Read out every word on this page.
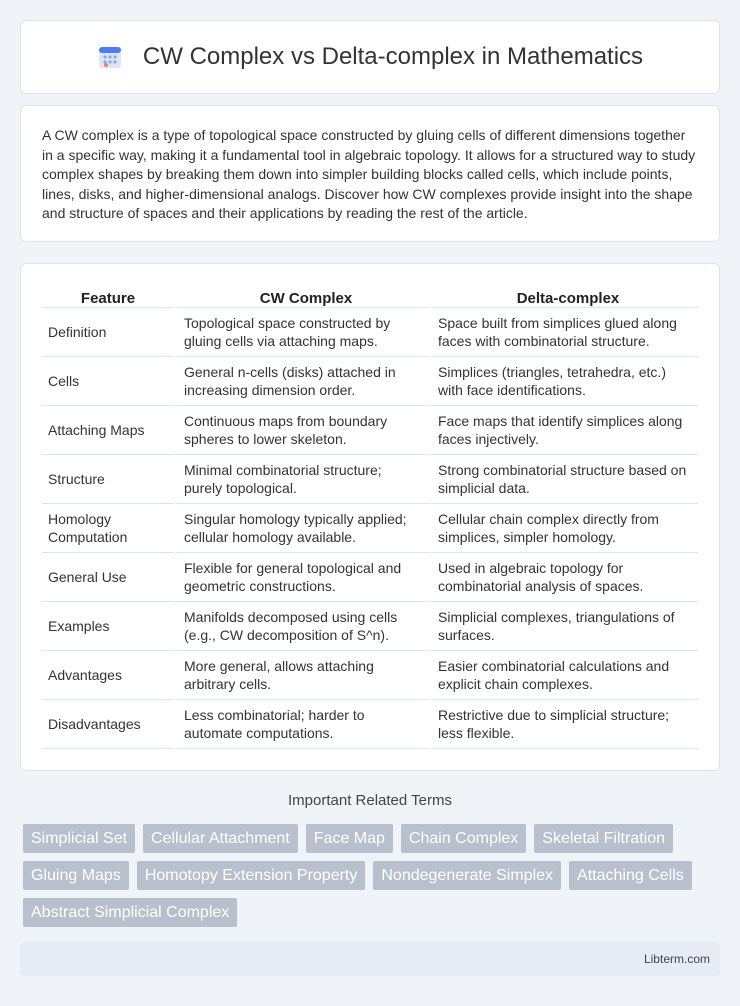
CW Complex vs Delta-complex in Mathematics

A CW complex is a type of topological space constructed by gluing cells of different dimensions together in a specific way, making it a fundamental tool in algebraic topology. It allows for a structured way to study complex shapes by breaking them down into simpler building blocks called cells, which include points, lines, disks, and higher-dimensional analogs. Discover how CW complexes provide insight into the shape and structure of spaces and their applications by reading the rest of the article.

Feature	CW Complex	Delta-complex
Definition	Topological space constructed by gluing cells via attaching maps.	Space built from simplices glued along faces with combinatorial structure.
Cells	General n-cells (disks) attached in increasing dimension order.	Simplices (triangles, tetrahedra, etc.) with face identifications.
Attaching Maps	Continuous maps from boundary spheres to lower skeleton.	Face maps that identify simplices along faces injectively.
Structure	Minimal combinatorial structure; purely topological.	Strong combinatorial structure based on simplicial data.
Homology Computation	Singular homology typically applied; cellular homology available.	Cellular chain complex directly from simplices, simpler homology.
General Use	Flexible for general topological and geometric constructions.	Used in algebraic topology for combinatorial analysis of spaces.
Examples	Manifolds decomposed using cells (e.g., CW decomposition of S^n).	Simplicial complexes, triangulations of surfaces.
Advantages	More general, allows attaching arbitrary cells.	Easier combinatorial calculations and explicit chain complexes.
Disadvantages	Less combinatorial; harder to automate computations.	Restrictive due to simplicial structure; less flexible.
Important Related Terms
Simplicial Set	Cellular Attachment	Face Map	Chain Complex	Skeletal Filtration
Gluing Maps	Homotopy Extension Property	Nondegenerate Simplex	Attaching Cells
Abstract Simplicial Complex
Libterm.com
